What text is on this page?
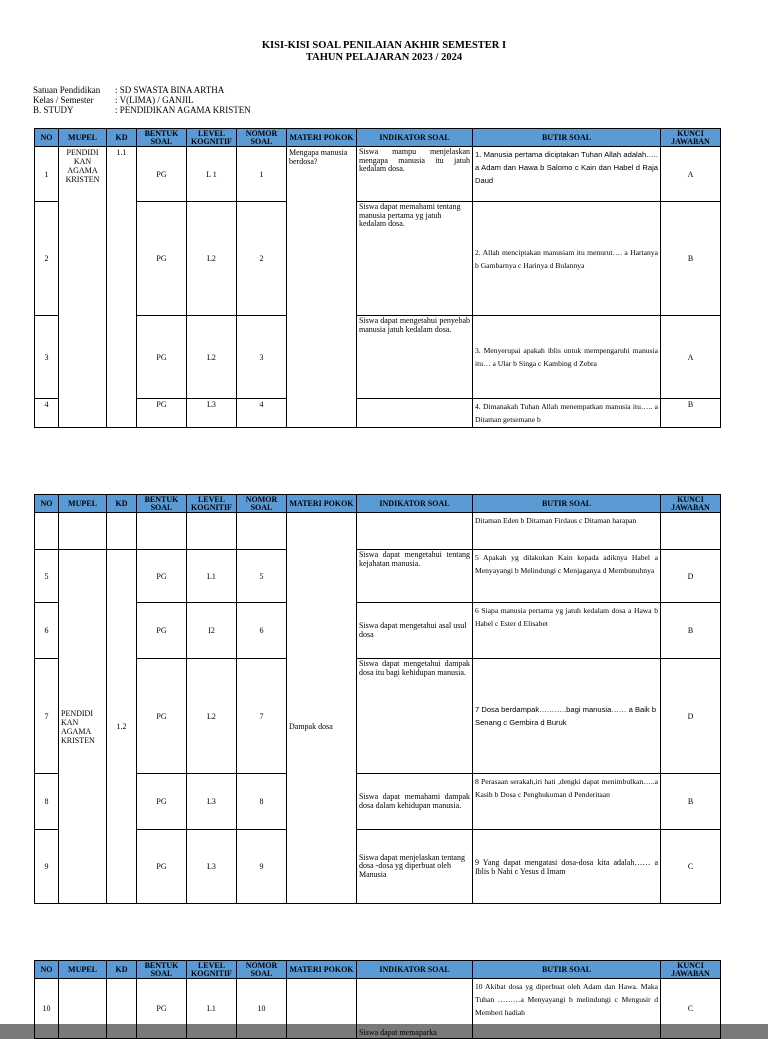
KISI-KISI SOAL PENILAIAN AKHIR SEMESTER I
TAHUN PELAJARAN 2023 / 2024
Satuan Pendidikan : SD SWASTA BINA ARTHA
Kelas / Semester : V(LIMA) / GANJIL
B. STUDY	: PENDIDIKAN AGAMA KRISTEN
NO	MUPEL	KD	BENTUK SOAL	LEVEL KOGNITIF	NOMOR SOAL	MATERI POKOK	INDIKATOR SOAL	BUTIR SOAL	KUNCI JAWABAN
1	PENDIDI KAN AGAMA KRISTEN	1.1	PG	L 1	1	Mengapa manusia berdosa?	Siswa mampu menjelaskan mengapa manusia itu jatuh kedalam dosa.	1. Manusia pertama diciptakan Tuhan Allah adalah….. a Adam dan Hawa b Salomo c Kain dan Habel d Raja Daud	A
2			PG	L2	2		Siswa dapat memahami tentang manusia pertama yg jatuh kedalam dosa.	2. Allah menciptakan manusiam itu menurut…. a Hartanya b Gambarnya c Harinya d Bulannya	B
3			PG	L2	3		Siswa dapat mengetahui penyebab manusia jatuh kedalam dosa.	3. Menyerupai apakah iblis untuk mempengaruhi manusia itu… a Ular b Singa c Kambing d Zebra	A
4			PG	L3	4			4. Dimanakah Tuhan Allah menempatkan manusia itu….. a Ditaman getsemane b	B
NO	MUPEL	KD	BENTUK SOAL	LEVEL KOGNITIF	NOMOR SOAL	MATERI POKOK	INDIKATOR SOAL	BUTIR SOAL	KUNCI JAWABAN
								Ditaman Eden b Ditaman Firdaus c Ditaman harapan	
5	PENDIDI KAN AGAMA KRISTEN	1.2	PG	L1	5	Dampak dosa	Siswa dapat mengetahui tentang kejahatan manusia.	5 Apakah yg dilakukan Kain kepada adiknya Habel a Menyayangi b Melindungi c Menjaganya d Membunuhnya	D
6			PG	I2	6		Siswa dapat mengetahui asal usul dosa	6 Siapa manusia pertama yg jatuh kedalam dosa a Hawa b Habel c Ester d Elisabet	B
7			PG	L2	7		Siswa dapat mengetahui dampak dosa itu bagi kehidupan manusia.	7 Dosa berdampak………..bagi manusia…… a Baik b Senang c Gembira d Buruk	D
8			PG	L3	8		Siswa dapat memahami dampak dosa dalam kehidupan manusia.	8 Perasaan serakah,iri hati ,dengki dapat menimbulkan…..a Kasih b Dosa c Penghukuman d Penderitaan	B
9			PG	L3	9		Siswa dapat menjelaskan tentang dosa -dosa yg diperbuat oleh Manusia	9 Yang dapat mengatasi dosa-dosa kita adalah…… a Iblis b Nabi c Yesus d Imam	C
NO	MUPEL	KD	BENTUK SOAL	LEVEL KOGNITIF	NOMOR SOAL	MATERI POKOK	INDIKATOR SOAL	BUTIR SOAL	KUNCI JAWABAN
10			PG	L1	10		Siswa dapat memaparka	10 Akibat dosa yg diperbuat oleh Adam dan Hawa. Maka Tuhan ………a Menyayangi b melindungi c Mengusir d Memberi hadiah	C
